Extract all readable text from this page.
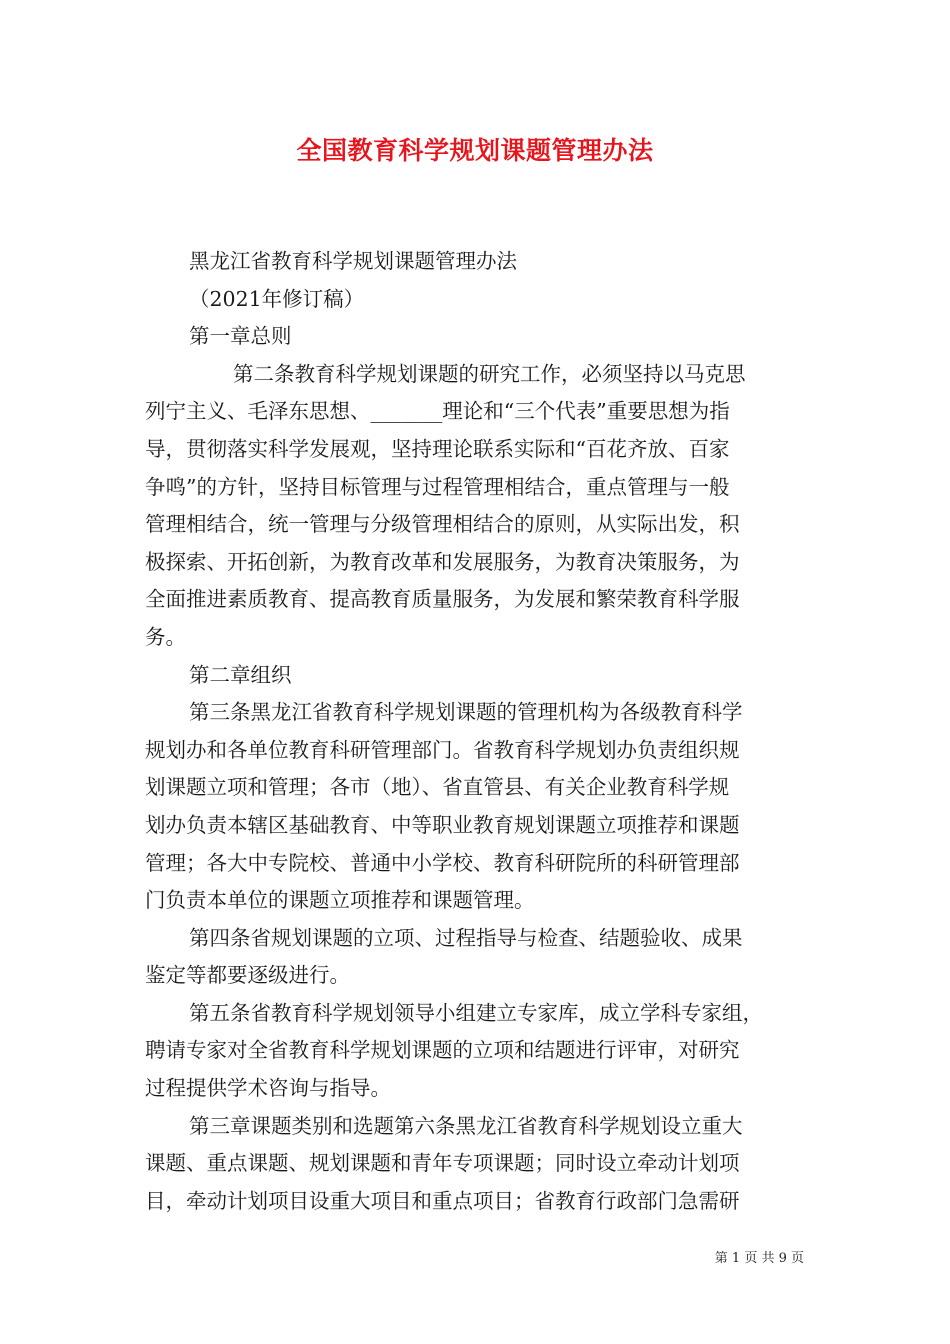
全国教育科学规划课题管理办法
黑龙江省教育科学规划课题管理办法
（2021年修订稿）
第一章总则
第二条教育科学规划课题的研究工作，必须坚持以马克思
列宁主义、毛泽东思想、_______理论和“三个代表”重要思想为指
导，贯彻落实科学发展观，坚持理论联系实际和“百花齐放、百家
争鸣”的方针，坚持目标管理与过程管理相结合，重点管理与一般
管理相结合，统一管理与分级管理相结合的原则，从实际出发，积
极探索、开拓创新，为教育改革和发展服务，为教育决策服务，为
全面推进素质教育、提高教育质量服务，为发展和繁荣教育科学服
务。
第二章组织
第三条黑龙江省教育科学规划课题的管理机构为各级教育科学
规划办和各单位教育科研管理部门。省教育科学规划办负责组织规
划课题立项和管理；各市（地）、省直管县、有关企业教育科学规
划办负责本辖区基础教育、中等职业教育规划课题立项推荐和课题
管理；各大中专院校、普通中小学校、教育科研院所的科研管理部
门负责本单位的课题立项推荐和课题管理。
第四条省规划课题的立项、过程指导与检查、结题验收、成果
鉴定等都要逐级进行。
第五条省教育科学规划领导小组建立专家库，成立学科专家组，
聘请专家对全省教育科学规划课题的立项和结题进行评审，对研究
过程提供学术咨询与指导。
第三章课题类别和选题第六条黑龙江省教育科学规划设立重大
课题、重点课题、规划课题和青年专项课题；同时设立牵动计划项
目，牵动计划项目设重大项目和重点项目；省教育行政部门急需研
第 1 页 共 9 页
